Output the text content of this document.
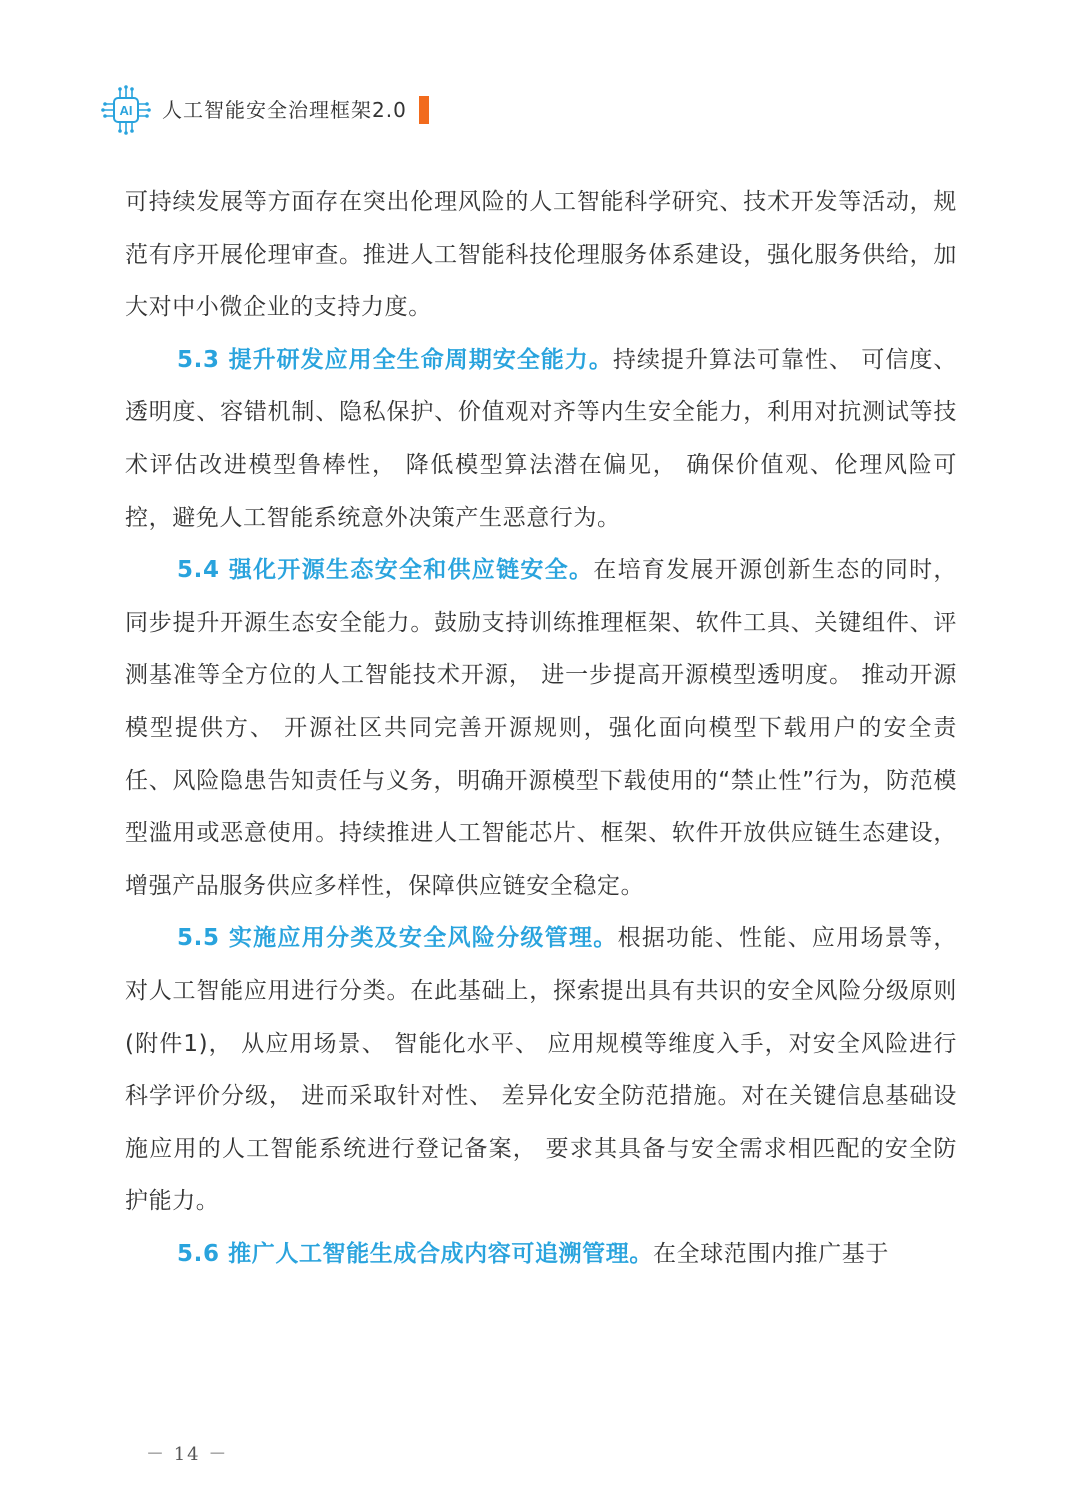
AI 人工智能安全治理框架2.0

可持续发展等方面存在突出伦理风险的人工智能科学研究、技术开发等活动，规范有序开展伦理审查。推进人工智能科技伦理服务体系建设，强化服务供给，加大对中小微企业的支持力度。

5.3 提升研发应用全生命周期安全能力。持续提升算法可靠性、 可信度、透明度、容错机制、隐私保护、价值观对齐等内生安全能力，利用对抗测试等技术评估改进模型鲁棒性， 降低模型算法潜在偏见， 确保价值观、伦理风险可控，避免人工智能系统意外决策产生恶意行为。

5.4 强化开源生态安全和供应链安全。在培育发展开源创新生态的同时，同步提升开源生态安全能力。鼓励支持训练推理框架、软件工具、关键组件、评测基准等全方位的人工智能技术开源， 进一步提高开源模型透明度。 推动开源模型提供方、 开源社区共同完善开源规则，强化面向模型下载用户的安全责任、风险隐患告知责任与义务，明确开源模型下载使用的“禁止性”行为，防范模型滥用或恶意使用。持续推进人工智能芯片、框架、软件开放供应链生态建设， 增强产品服务供应多样性，保障供应链安全稳定。

5.5 实施应用分类及安全风险分级管理。根据功能、性能、应用场景等，对人工智能应用进行分类。在此基础上，探索提出具有共识的安全风险分级原则(附件1)， 从应用场景、 智能化水平、 应用规模等维度入手，对安全风险进行科学评价分级， 进而采取针对性、 差异化安全防范措施。对在关键信息基础设施应用的人工智能系统进行登记备案， 要求其具备与安全需求相匹配的安全防护能力。

5.6 推广人工智能生成合成内容可追溯管理。在全球范围内推广基于

－ 14 －
